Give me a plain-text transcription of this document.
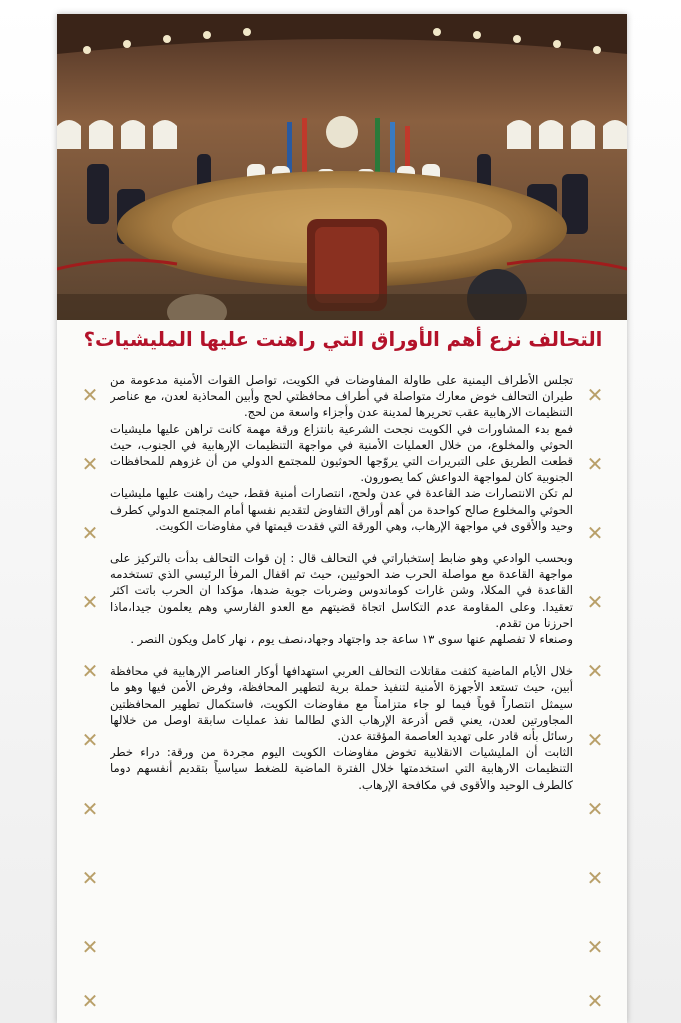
التحالف نزع أهم الأوراق التي راهنت عليها المليشيات؟
✕
✕
✕
✕
✕
✕
✕
✕
✕
✕
✕
✕
✕
✕
✕
✕
✕
✕
✕
✕

تجلس الأطراف اليمنية على طاولة المفاوضات في الكويت، تواصل القوات الأمنية مدعومة من طيران التحالف خوض معارك متواصلة في أطراف محافظتي لحج وأبين المحاذية لعدن، مع عناصر التنظيمات الارهابية عقب تحريرها لمدينة عدن وأجزاء واسعة من لحج.

فمع بدء المشاورات في الكويت نجحت الشرعية بانتزاع ورقة مهمة كانت تراهن عليها مليشيات الحوثي والمخلوع، من خلال العمليات الأمنية في مواجهة التنظيمات الإرهابية في الجنوب، حيث قطعت الطريق على التبريرات التي يروّجها الحوثيون للمجتمع الدولي من أن غزوهم للمحافظات الجنوبية كان لمواجهة الدواعش كما يصورون.

لم تكن الانتصارات ضد القاعدة في عدن ولحج، انتصارات أمنية فقط، حيث راهنت عليها مليشيات الحوثي والمخلوع صالح كواحدة من أهم أوراق التفاوض لتقديم نفسها أمام المجتمع الدولي كطرف وحيد والأقوى في مواجهة الإرهاب، وهي الورقة التي فقدت قيمتها في مفاوضات الكويت.

وبحسب الوادعي وهو ضابط إستخباراتي في التحالف قال : إن قوات التحالف بدأت بالتركيز على مواجهة القاعدة مع مواصلة الحرب ضد الحوثيين، حيث تم اقفال المرفأ الرئيسي الذي تستخدمه القاعدة في المكلا، وشن غارات كوماندوس وضربات جوية ضدها، مؤكدا ان الحرب باتت اكثر تعقيدا. وعلى المقاومة عدم التكاسل اتجاة قضيتهم مع العدو الفارسي وهم يعلمون جيدا،ماذا احرزنا من تقدم.

وصنعاء لا تفصلهم عنها سوى ١٣ ساعة جد واجتهاد وجهاد،نصف يوم ، نهار كامل ويكون النصر .

خلال الأيام الماضية كثفت مقاتلات التحالف العربي استهدافها أوكار العناصر الإرهابية في محافظة أبين، حيث تستعد الأجهزة الأمنية لتنفيذ حملة برية لتطهير المحافظة، وفرض الأمن فيها وهو ما سيمثل انتصاراً قوياً فيما لو جاء متزامناً مع مفاوضات الكويت، فاستكمال تطهير المحافظتين المجاورتين لعدن، يعني قص أذرعة الإرهاب الذي لطالما نفذ عمليات سابقة اوصل من خلالها رسائل بأنه قادر على تهديد العاصمة المؤقتة عدن.

الثابت أن المليشيات الانقلابية تخوض مفاوضات الكويت اليوم مجردة من ورقة: دراء خطر التنظيمات الارهابية التي استخدمتها خلال الفترة الماضية للضغط سياسياً بتقديم أنفسهم دوما كالطرف الوحيد والأقوى في مكافحة الإرهاب.
